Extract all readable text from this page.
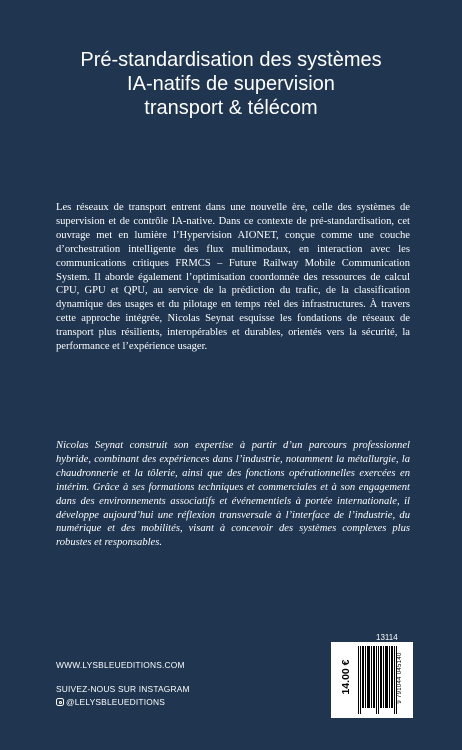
Pré-standardisation des systèmes
IA-natifs de supervision
transport & télécom

Les réseaux de transport entrent dans une nouvelle ère, celle des systèmes de supervision et de contrôle IA-native. Dans ce contexte de pré-standardisation, cet ouvrage met en lumière l’Hypervision AIONET, conçue comme une couche d’orchestration intelligente des flux multimodaux, en interaction avec les communications critiques FRMCS – Future Railway Mobile Communication System. Il aborde également l’optimisation coordonnée des ressources de calcul CPU, GPU et QPU, au service de la prédiction du trafic, de la classification dynamique des usages et du pilotage en temps réel des infrastructures. À travers cette approche intégrée, Nicolas Seynat esquisse les fondations de réseaux de transport plus résilients, interopérables et durables, orientés vers la sécurité, la performance et l’expérience usager.

Nicolas Seynat construit son expertise à partir d’un parcours professionnel hybride, combinant des expériences dans l’industrie, notamment la métallurgie, la chaudronnerie et la tôlerie, ainsi que des fonctions opérationnelles exercées en intérim. Grâce à ses formations techniques et commerciales et à son engagement dans des environnements associatifs et événementiels à portée internationale, il développe aujourd’hui une réflexion transversale à l’interface de l’industrie, du numérique et des mobilités, visant à concevoir des systèmes complexes plus robustes et responsables.

13114
WWW.LYSBLEUEDITIONS.COM
SUIVEZ-NOUS SUR INSTAGRAM
@LELYSBLEUEDITIONS
14.00 €	9 791044 045140
